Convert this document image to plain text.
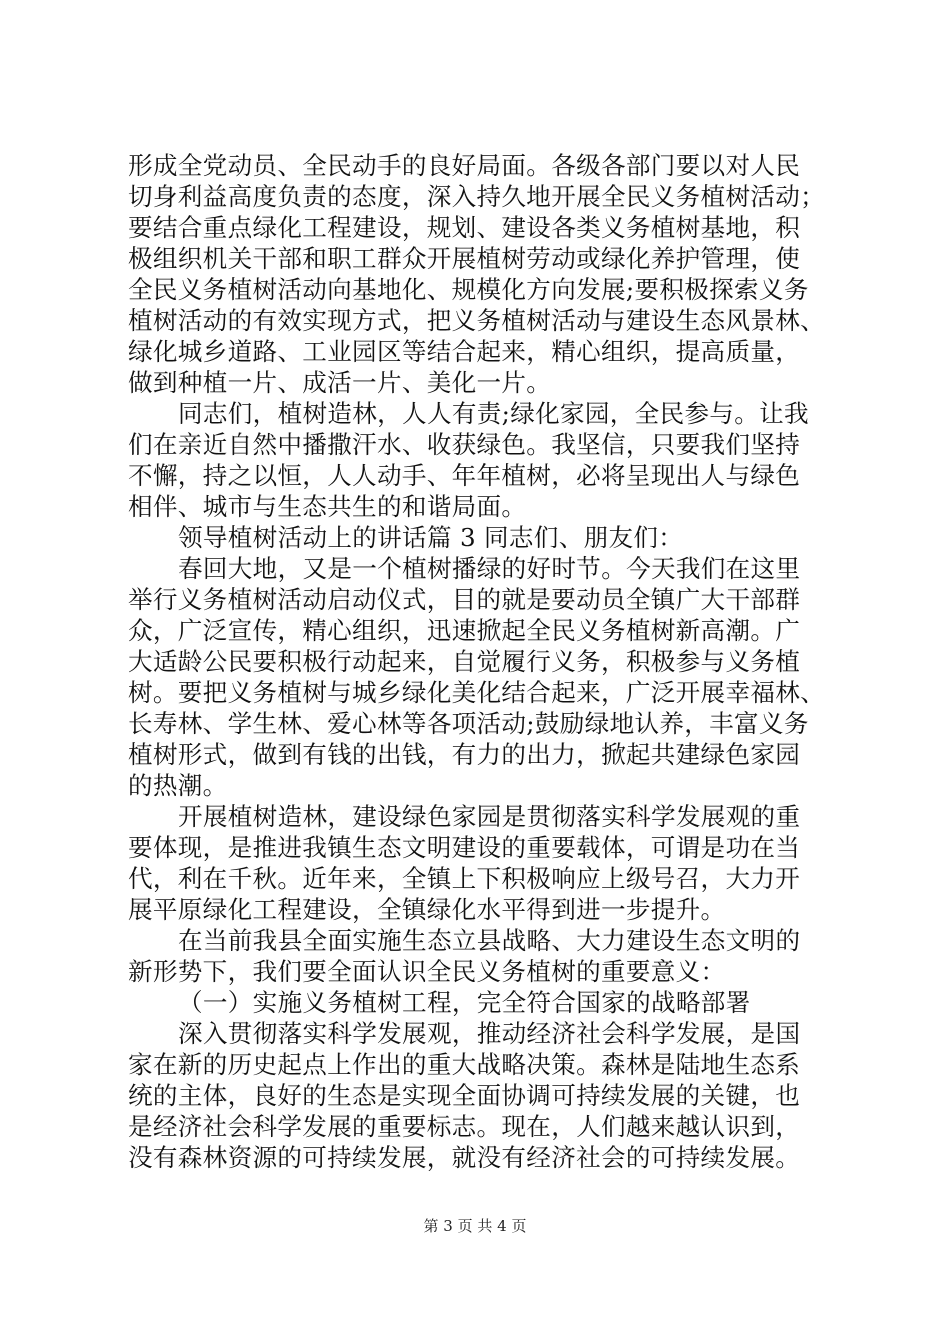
形成全党动员、全民动手的良好局面。各级各部门要以对人民
切身利益高度负责的态度，深入持久地开展全民义务植树活动；
要结合重点绿化工程建设，规划、建设各类义务植树基地，积
极组织机关干部和职工群众开展植树劳动或绿化养护管理，使
全民义务植树活动向基地化、规模化方向发展;要积极探索义务
植树活动的有效实现方式，把义务植树活动与建设生态风景林、
绿化城乡道路、工业园区等结合起来，精心组织，提高质量，
做到种植一片、成活一片、美化一片。
同志们，植树造林，人人有责;绿化家园，全民参与。让我
们在亲近自然中播撒汗水、收获绿色。我坚信，只要我们坚持
不懈，持之以恒，人人动手、年年植树，必将呈现出人与绿色
相伴、城市与生态共生的和谐局面。
领导植树活动上的讲话篇 3 同志们、朋友们：
春回大地，又是一个植树播绿的好时节。今天我们在这里
举行义务植树活动启动仪式，目的就是要动员全镇广大干部群
众，广泛宣传，精心组织，迅速掀起全民义务植树新高潮。广
大适龄公民要积极行动起来，自觉履行义务，积极参与义务植
树。要把义务植树与城乡绿化美化结合起来，广泛开展幸福林、
长寿林、学生林、爱心林等各项活动;鼓励绿地认养，丰富义务
植树形式，做到有钱的出钱，有力的出力，掀起共建绿色家园
的热潮。
开展植树造林，建设绿色家园是贯彻落实科学发展观的重
要体现，是推进我镇生态文明建设的重要载体，可谓是功在当
代，利在千秋。近年来，全镇上下积极响应上级号召，大力开
展平原绿化工程建设，全镇绿化水平得到进一步提升。
在当前我县全面实施生态立县战略、大力建设生态文明的
新形势下，我们要全面认识全民义务植树的重要意义：
（一）实施义务植树工程，完全符合国家的战略部署
深入贯彻落实科学发展观，推动经济社会科学发展，是国
家在新的历史起点上作出的重大战略决策。森林是陆地生态系
统的主体，良好的生态是实现全面协调可持续发展的关键，也
是经济社会科学发展的重要标志。现在，人们越来越认识到，
没有森林资源的可持续发展，就没有经济社会的可持续发展。
第 3 页 共 4 页
